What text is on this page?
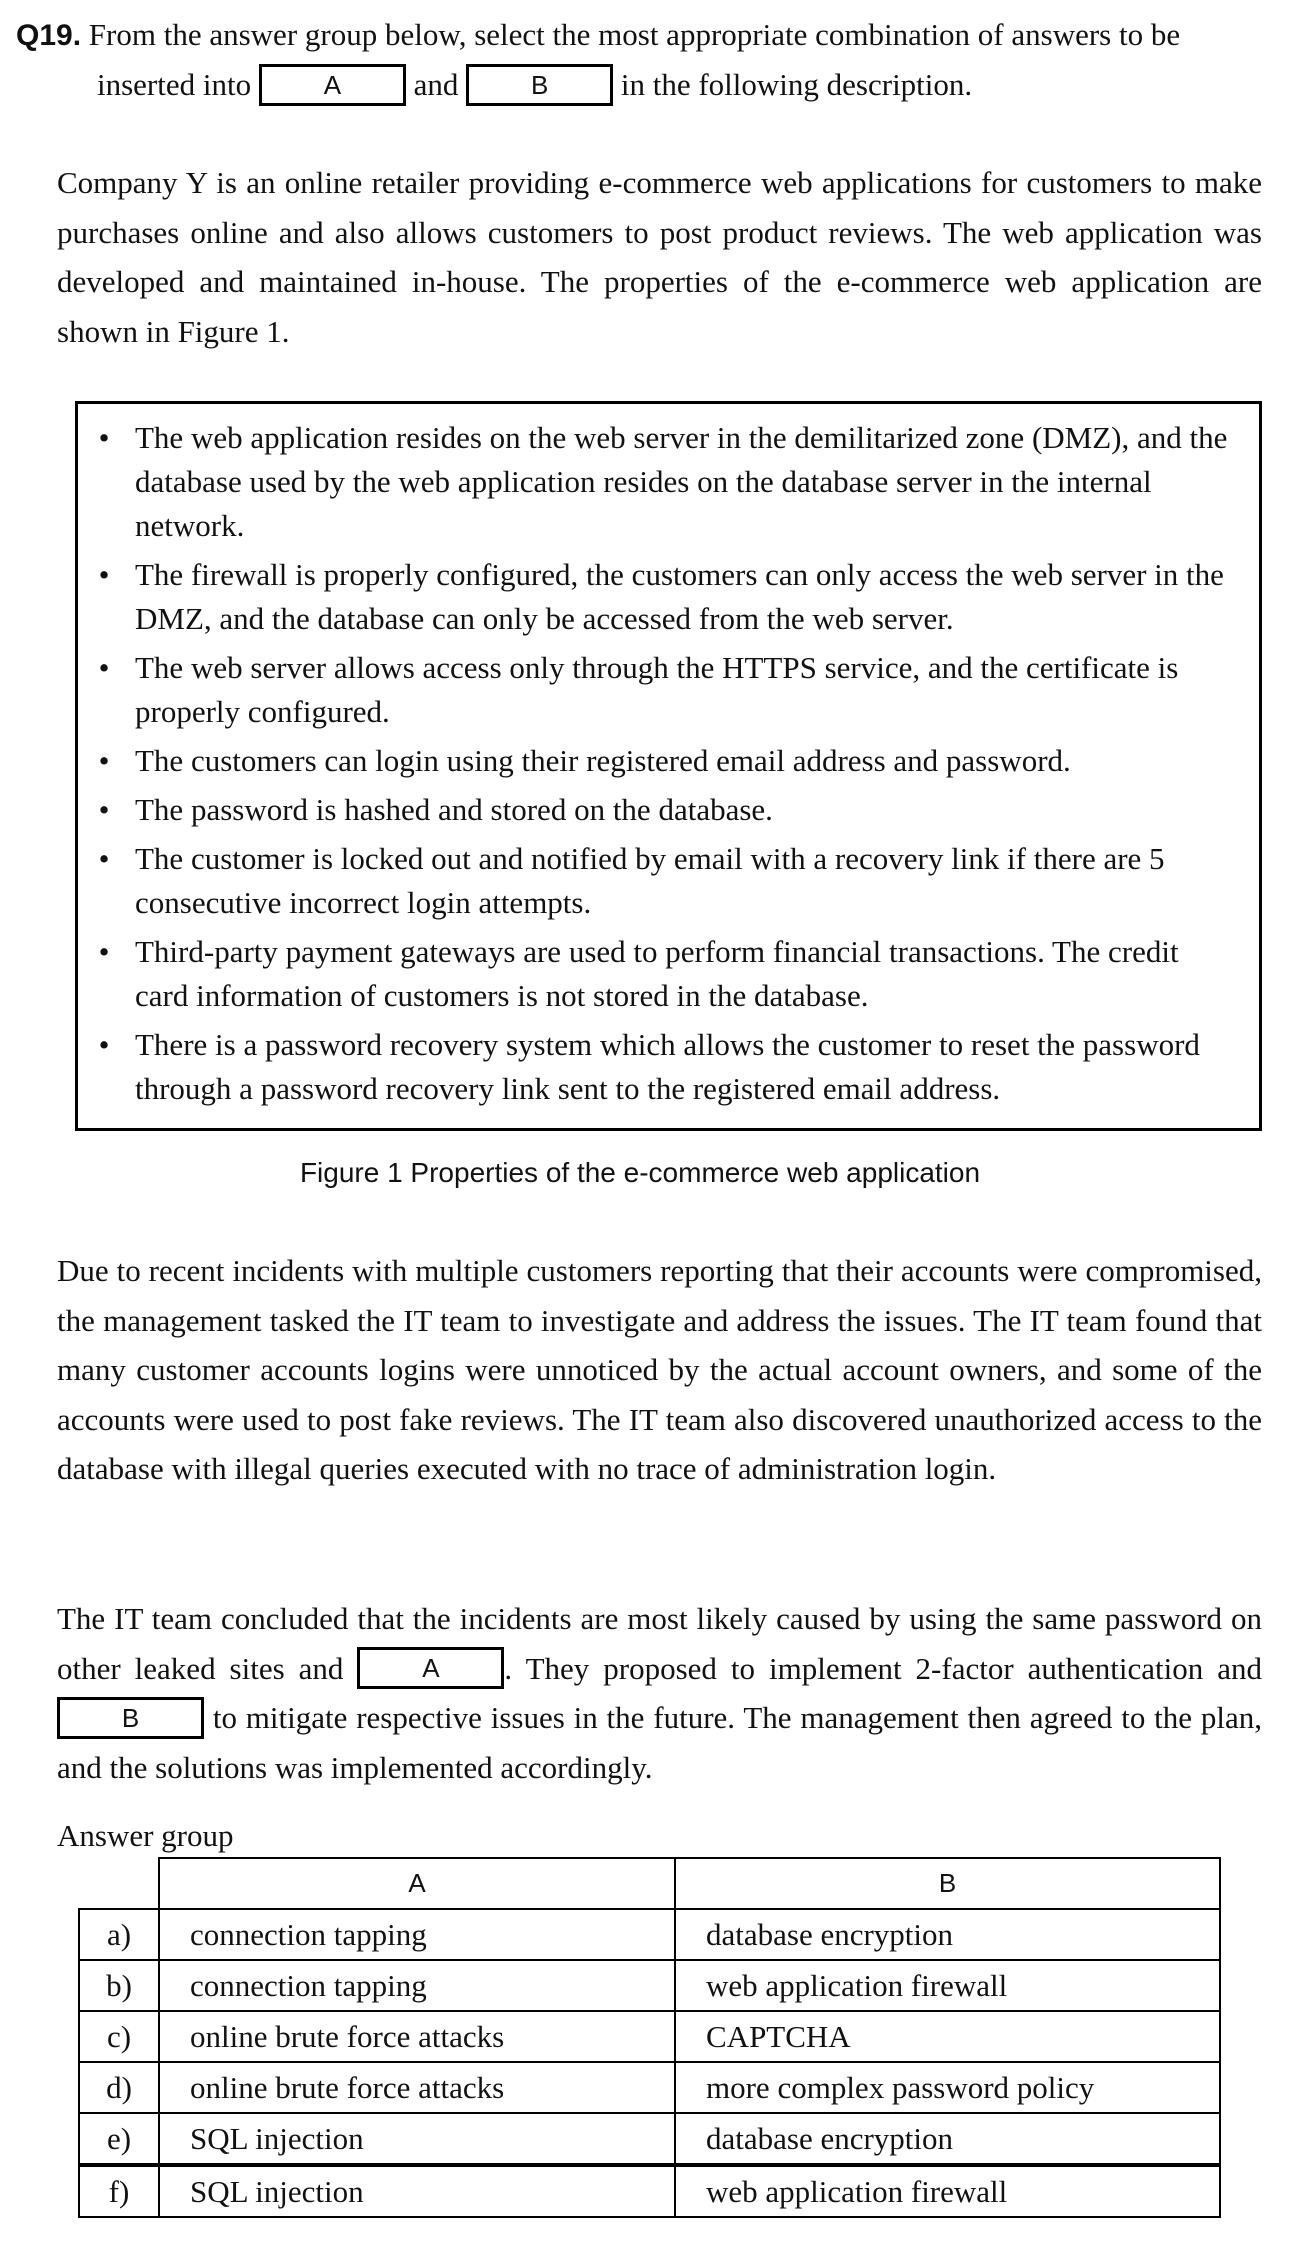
Q19. From the answer group below, select the most appropriate combination of answers to be
inserted into	A and	B in the following description.

Company Y is an online retailer providing e-commerce web applications for customers to make purchases online and also allows customers to post product reviews. The web application was developed and maintained in-house. The properties of the e-commerce web application are shown in Figure 1.

• The web application resides on the web server in the demilitarized zone (DMZ), and the database used by the web application resides on the database server in the internal network.
• The firewall is properly configured, the customers can only access the web server in the DMZ, and the database can only be accessed from the web server.
• The web server allows access only through the HTTPS service, and the certificate is properly configured.
• The customers can login using their registered email address and password.
• The password is hashed and stored on the database.
• The customer is locked out and notified by email with a recovery link if there are 5 consecutive incorrect login attempts.
• Third-party payment gateways are used to perform financial transactions. The credit card information of customers is not stored in the database.
• There is a password recovery system which allows the customer to reset the password through a password recovery link sent to the registered email address.
Figure 1 Properties of the e-commerce web application

Due to recent incidents with multiple customers reporting that their accounts were compromised, the management tasked the IT team to investigate and address the issues. The IT team found that many customer accounts logins were unnoticed by the actual account owners, and some of the accounts were used to post fake reviews. The IT team also discovered unauthorized access to the database with illegal queries executed with no trace of administration login.

The IT team concluded that the incidents are most likely caused by using the same password on other leaked sites and	A . They proposed to implement 2-factor authentication and B to mitigate respective issues in the future. The management then agreed to the plan, and the solutions was implemented accordingly.

Answer group
	A	B
a)	connection tapping	database encryption
b)	connection tapping	web application firewall
c)	online brute force attacks	CAPTCHA
d)	online brute force attacks	more complex password policy
e)	SQL injection	database encryption
f)	SQL injection	web application firewall
